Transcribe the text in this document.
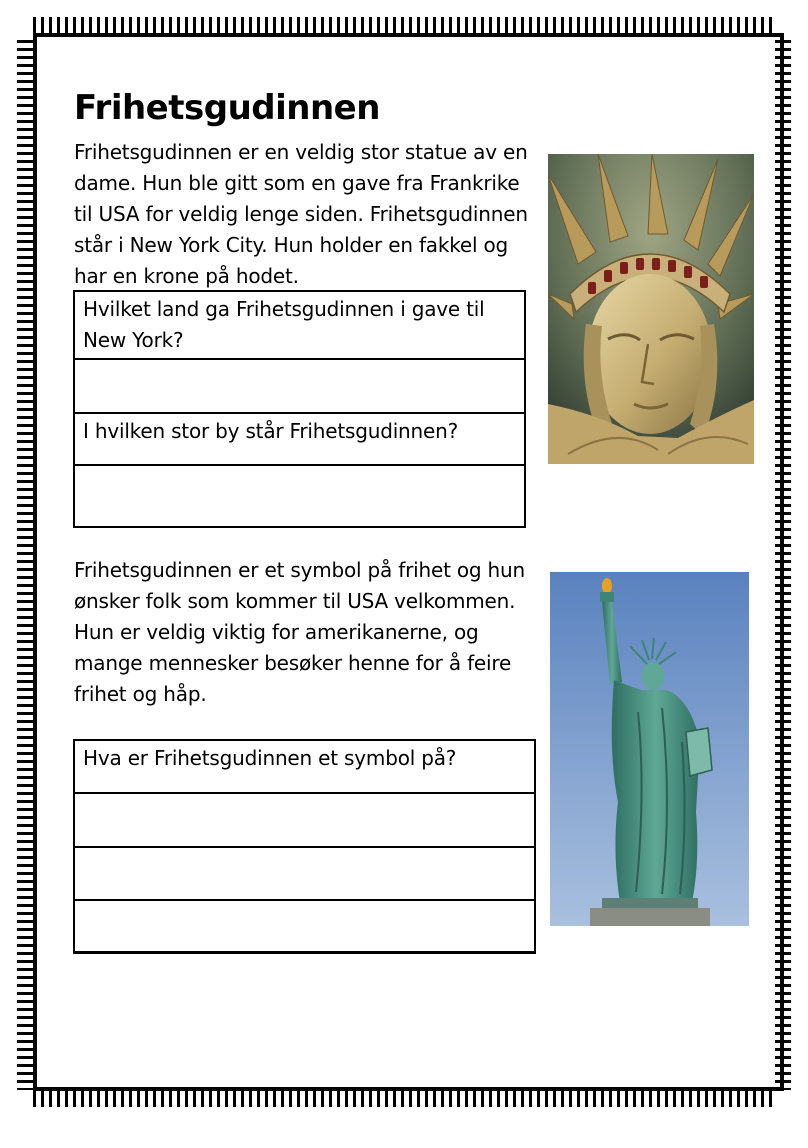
Frihetsgudinnen

Frihetsgudinnen er en veldig stor statue av en dame. Hun ble gitt som en gave fra Frankrike til USA for veldig lenge siden. Frihetsgudinnen står i New York City. Hun holder en fakkel og har en krone på hodet.

Hvilket land ga Frihetsgudinnen i gave til New York?

I hvilken stor by står Frihetsgudinnen?

Frihetsgudinnen er et symbol på frihet og hun ønsker folk som kommer til USA velkommen. Hun er veldig viktig for amerikanerne, og mange mennesker besøker henne for å feire frihet og håp.

Hva er Frihetsgudinnen et symbol på?
